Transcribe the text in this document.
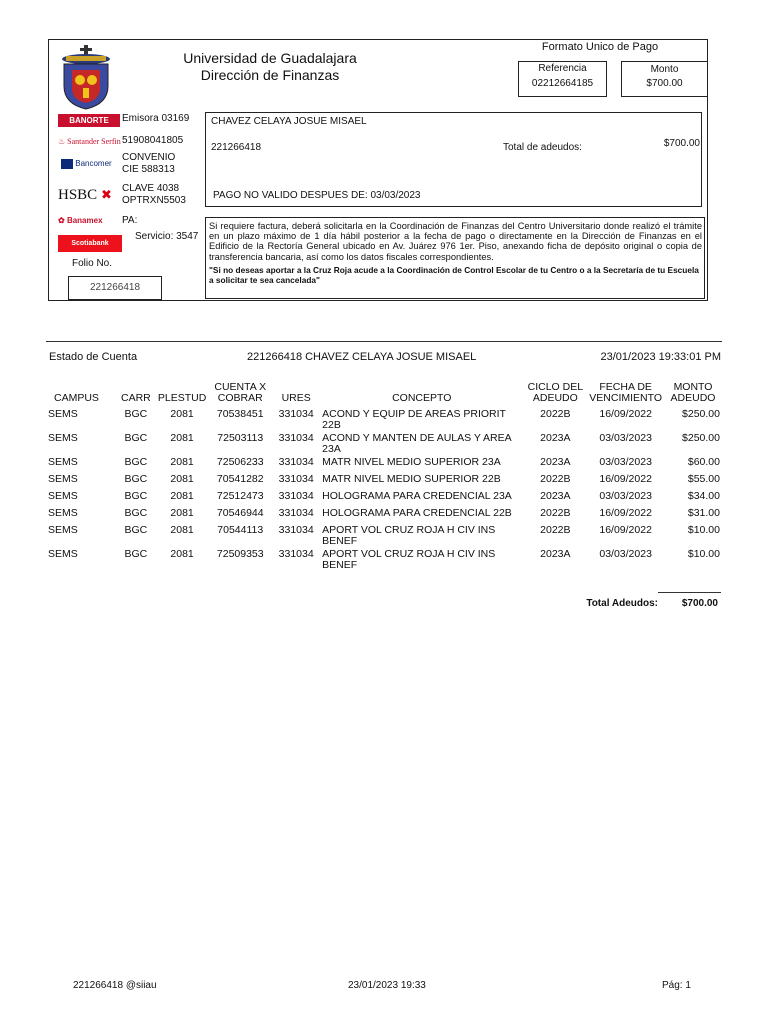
Universidad de Guadalajara
Dirección de Finanzas
Formato Unico de Pago
Referencia
02212664185
Monto
$700.00
BANORTE	Emisora 03169
♨ Santander Serfin 51908041805
Bancomer
CONVENIO
CIE 588313
HSBC ✖	CLAVE 4038
OPTRXN5503
✿ Banamex	PA:
Scotiabank
Servicio: 3547
Folio No.
221266418
CHAVEZ CELAYA JOSUE MISAEL
221266418	Total de adeudos:	$700.00
PAGO NO VALIDO DESPUES DE: 03/03/2023
Si requiere factura, deberá solicitarla en la Coordinación de Finanzas del Centro Universitario donde realizó el trámite en un plazo máximo de 1 día hábil posterior a la fecha de pago o directamente en la Dirección de Finanzas en el Edificio de la Rectoría General ubicado en Av. Juárez 976 1er. Piso, anexando ficha de depósito original o copia de transferencia bancaria, así como los datos fiscales correspondientes.
"Si no deseas aportar a la Cruz Roja acude a la Coordinación de Control Escolar de tu Centro o a la Secretaría de tu Escuela a solicitar te sea cancelada"
Estado de Cuenta	221266418 CHAVEZ CELAYA JOSUE MISAEL	23/01/2023 19:33:01 PM
CAMPUS	CARR	PLESTUD	CUENTA X COBRAR	URES	CONCEPTO	CICLO DEL ADEUDO	FECHA DE VENCIMIENTO	MONTO ADEUDO
SEMS	BGC	2081	70538451	331034	ACOND Y EQUIP DE AREAS PRIORIT 22B	2022B	16/09/2022	$250.00
SEMS	BGC	2081	72503113	331034	ACOND Y MANTEN DE AULAS Y AREA 23A	2023A	03/03/2023	$250.00
SEMS	BGC	2081	72506233	331034	MATR NIVEL MEDIO SUPERIOR 23A	2023A	03/03/2023	$60.00
SEMS	BGC	2081	70541282	331034	MATR NIVEL MEDIO SUPERIOR 22B	2022B	16/09/2022	$55.00
SEMS	BGC	2081	72512473	331034	HOLOGRAMA PARA CREDENCIAL 23A	2023A	03/03/2023	$34.00
SEMS	BGC	2081	70546944	331034	HOLOGRAMA PARA CREDENCIAL 22B	2022B	16/09/2022	$31.00
SEMS	BGC	2081	70544113	331034	APORT VOL CRUZ ROJA H CIV INS BENEF	2022B	16/09/2022	$10.00
SEMS	BGC	2081	72509353	331034	APORT VOL CRUZ ROJA H CIV INS BENEF	2023A	03/03/2023	$10.00
Total Adeudos:	$700.00
221266418 @siiau	23/01/2023 19:33	Pág: 1
